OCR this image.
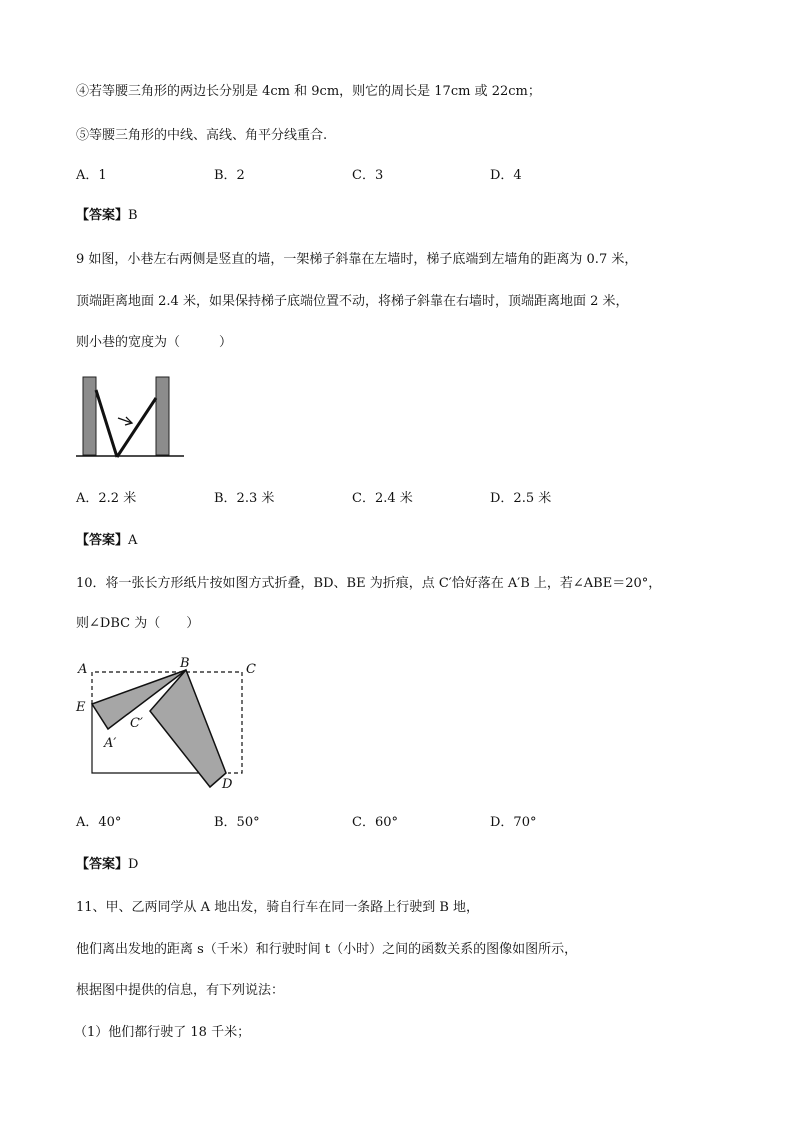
④若等腰三角形的两边长分别是 4cm 和 9cm，则它的周长是 17cm 或 22cm；
⑤等腰三角形的中线、高线、角平分线重合.
A．1	B．2	C．3	D．4
【答案】B
9 如图，小巷左右两侧是竖直的墙，一架梯子斜靠在左墙时，梯子底端到左墙角的距离为 0.7 米，
顶端距离地面 2.4 米，如果保持梯子底端位置不动，将梯子斜靠在右墙时，顶端距离地面 2 米，
则小巷的宽度为（　　　）
A．2.2 米	B．2.3 米	C．2.4 米	D．2.5 米
【答案】A
10．将一张长方形纸片按如图方式折叠，BD、BE 为折痕，点 C′恰好落在 A′B 上，若∠ABE＝20°，
则∠DBC 为（　　）
A	B	C
E
A′
C′
D
A．40°	B．50°	C．60°	D．70°
【答案】D
11、甲、乙两同学从 A 地出发，骑自行车在同一条路上行驶到 B 地，
他们离出发地的距离 s（千米）和行驶时间 t（小时）之间的函数关系的图像如图所示，
根据图中提供的信息，有下列说法：
（1）他们都行驶了 18 千米；
